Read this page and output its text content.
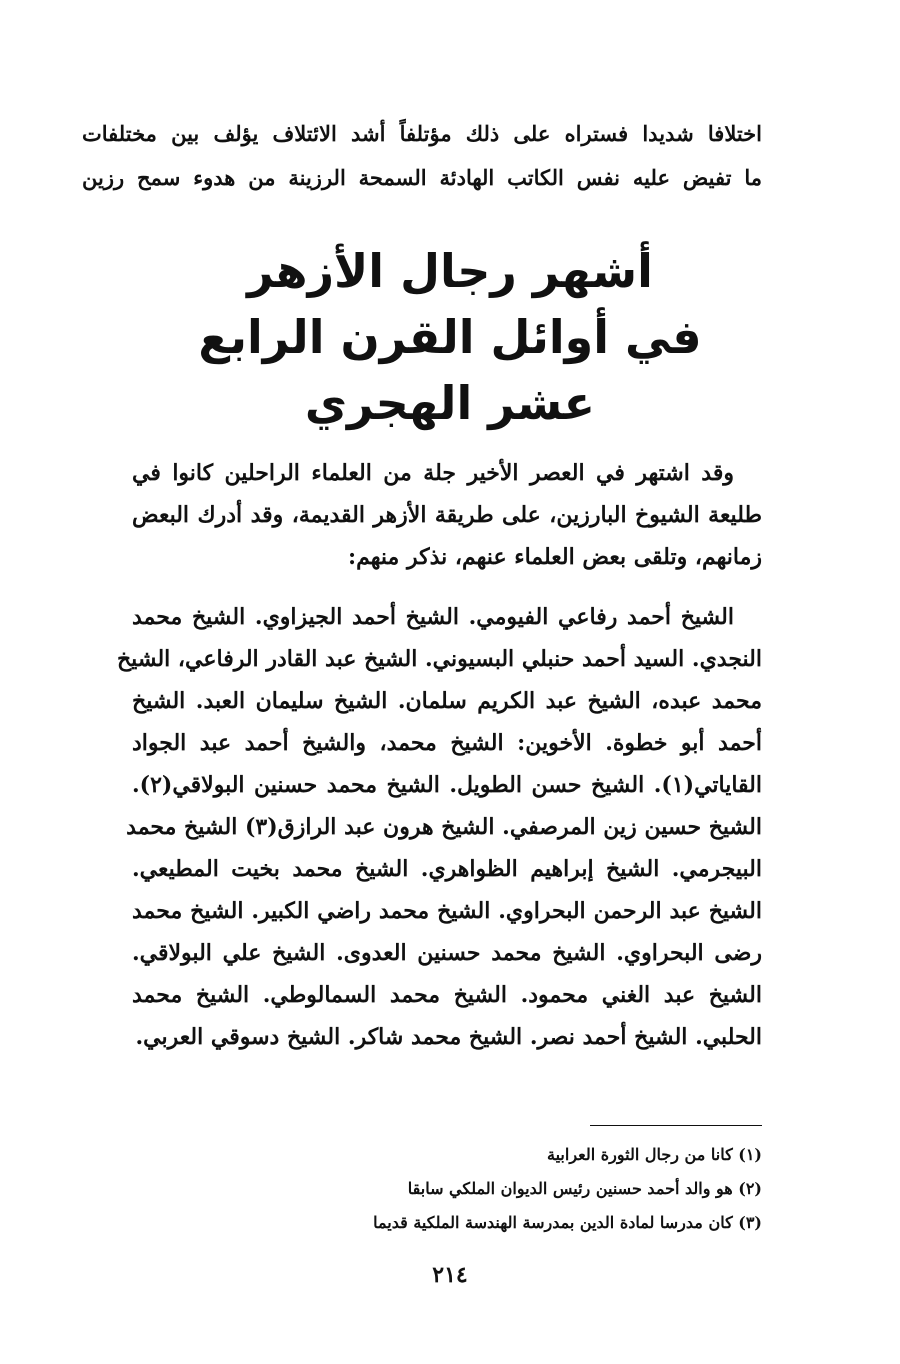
اختلافا شديدا فستراه على ذلك مؤتلفاً أشد الائتلاف يؤلف بين مختلفات
ما تفيض عليه نفس الكاتب الهادئة السمحة الرزينة من هدوء سمح رزين
أشهر رجال الأزهر
في أوائل القرن الرابع عشر الهجري
وقد اشتهر في العصر الأخير جلة من العلماء الراحلين كانوا في
طليعة الشيوخ البارزين، على طريقة الأزهر القديمة، وقد أدرك البعض
زمانهم، وتلقى بعض العلماء عنهم، نذكر منهم:
الشيخ أحمد رفاعي الفيومي. الشيخ أحمد الجيزاوي. الشيخ محمد
النجدي. السيد أحمد حنبلي البسيوني. الشيخ عبد القادر الرفاعي، الشيخ
محمد عبده، الشيخ عبد الكريم سلمان. الشيخ سليمان العبد. الشيخ
أحمد أبو خطوة. الأخوين: الشيخ محمد، والشيخ أحمد عبد الجواد
القاياتي(١). الشيخ حسن الطويل. الشيخ محمد حسنين البولاقي(٢).
الشيخ حسين زين المرصفي. الشيخ هرون عبد الرازق(٣) الشيخ محمد
البيجرمي. الشيخ إبراهيم الظواهري. الشيخ محمد بخيت المطيعي.
الشيخ عبد الرحمن البحراوي. الشيخ محمد راضي الكبير. الشيخ محمد
رضى البحراوي. الشيخ محمد حسنين العدوى. الشيخ علي البولاقي.
الشيخ عبد الغني محمود. الشيخ محمد السمالوطي. الشيخ محمد
الحلبي. الشيخ أحمد نصر. الشيخ محمد شاكر. الشيخ دسوقي العربي.
(١) كانا من رجال الثورة العرابية
(٢) هو والد أحمد حسنين رئيس الديوان الملكي سابقا
(٣) كان مدرسا لمادة الدين بمدرسة الهندسة الملكية قديما
٢١٤
